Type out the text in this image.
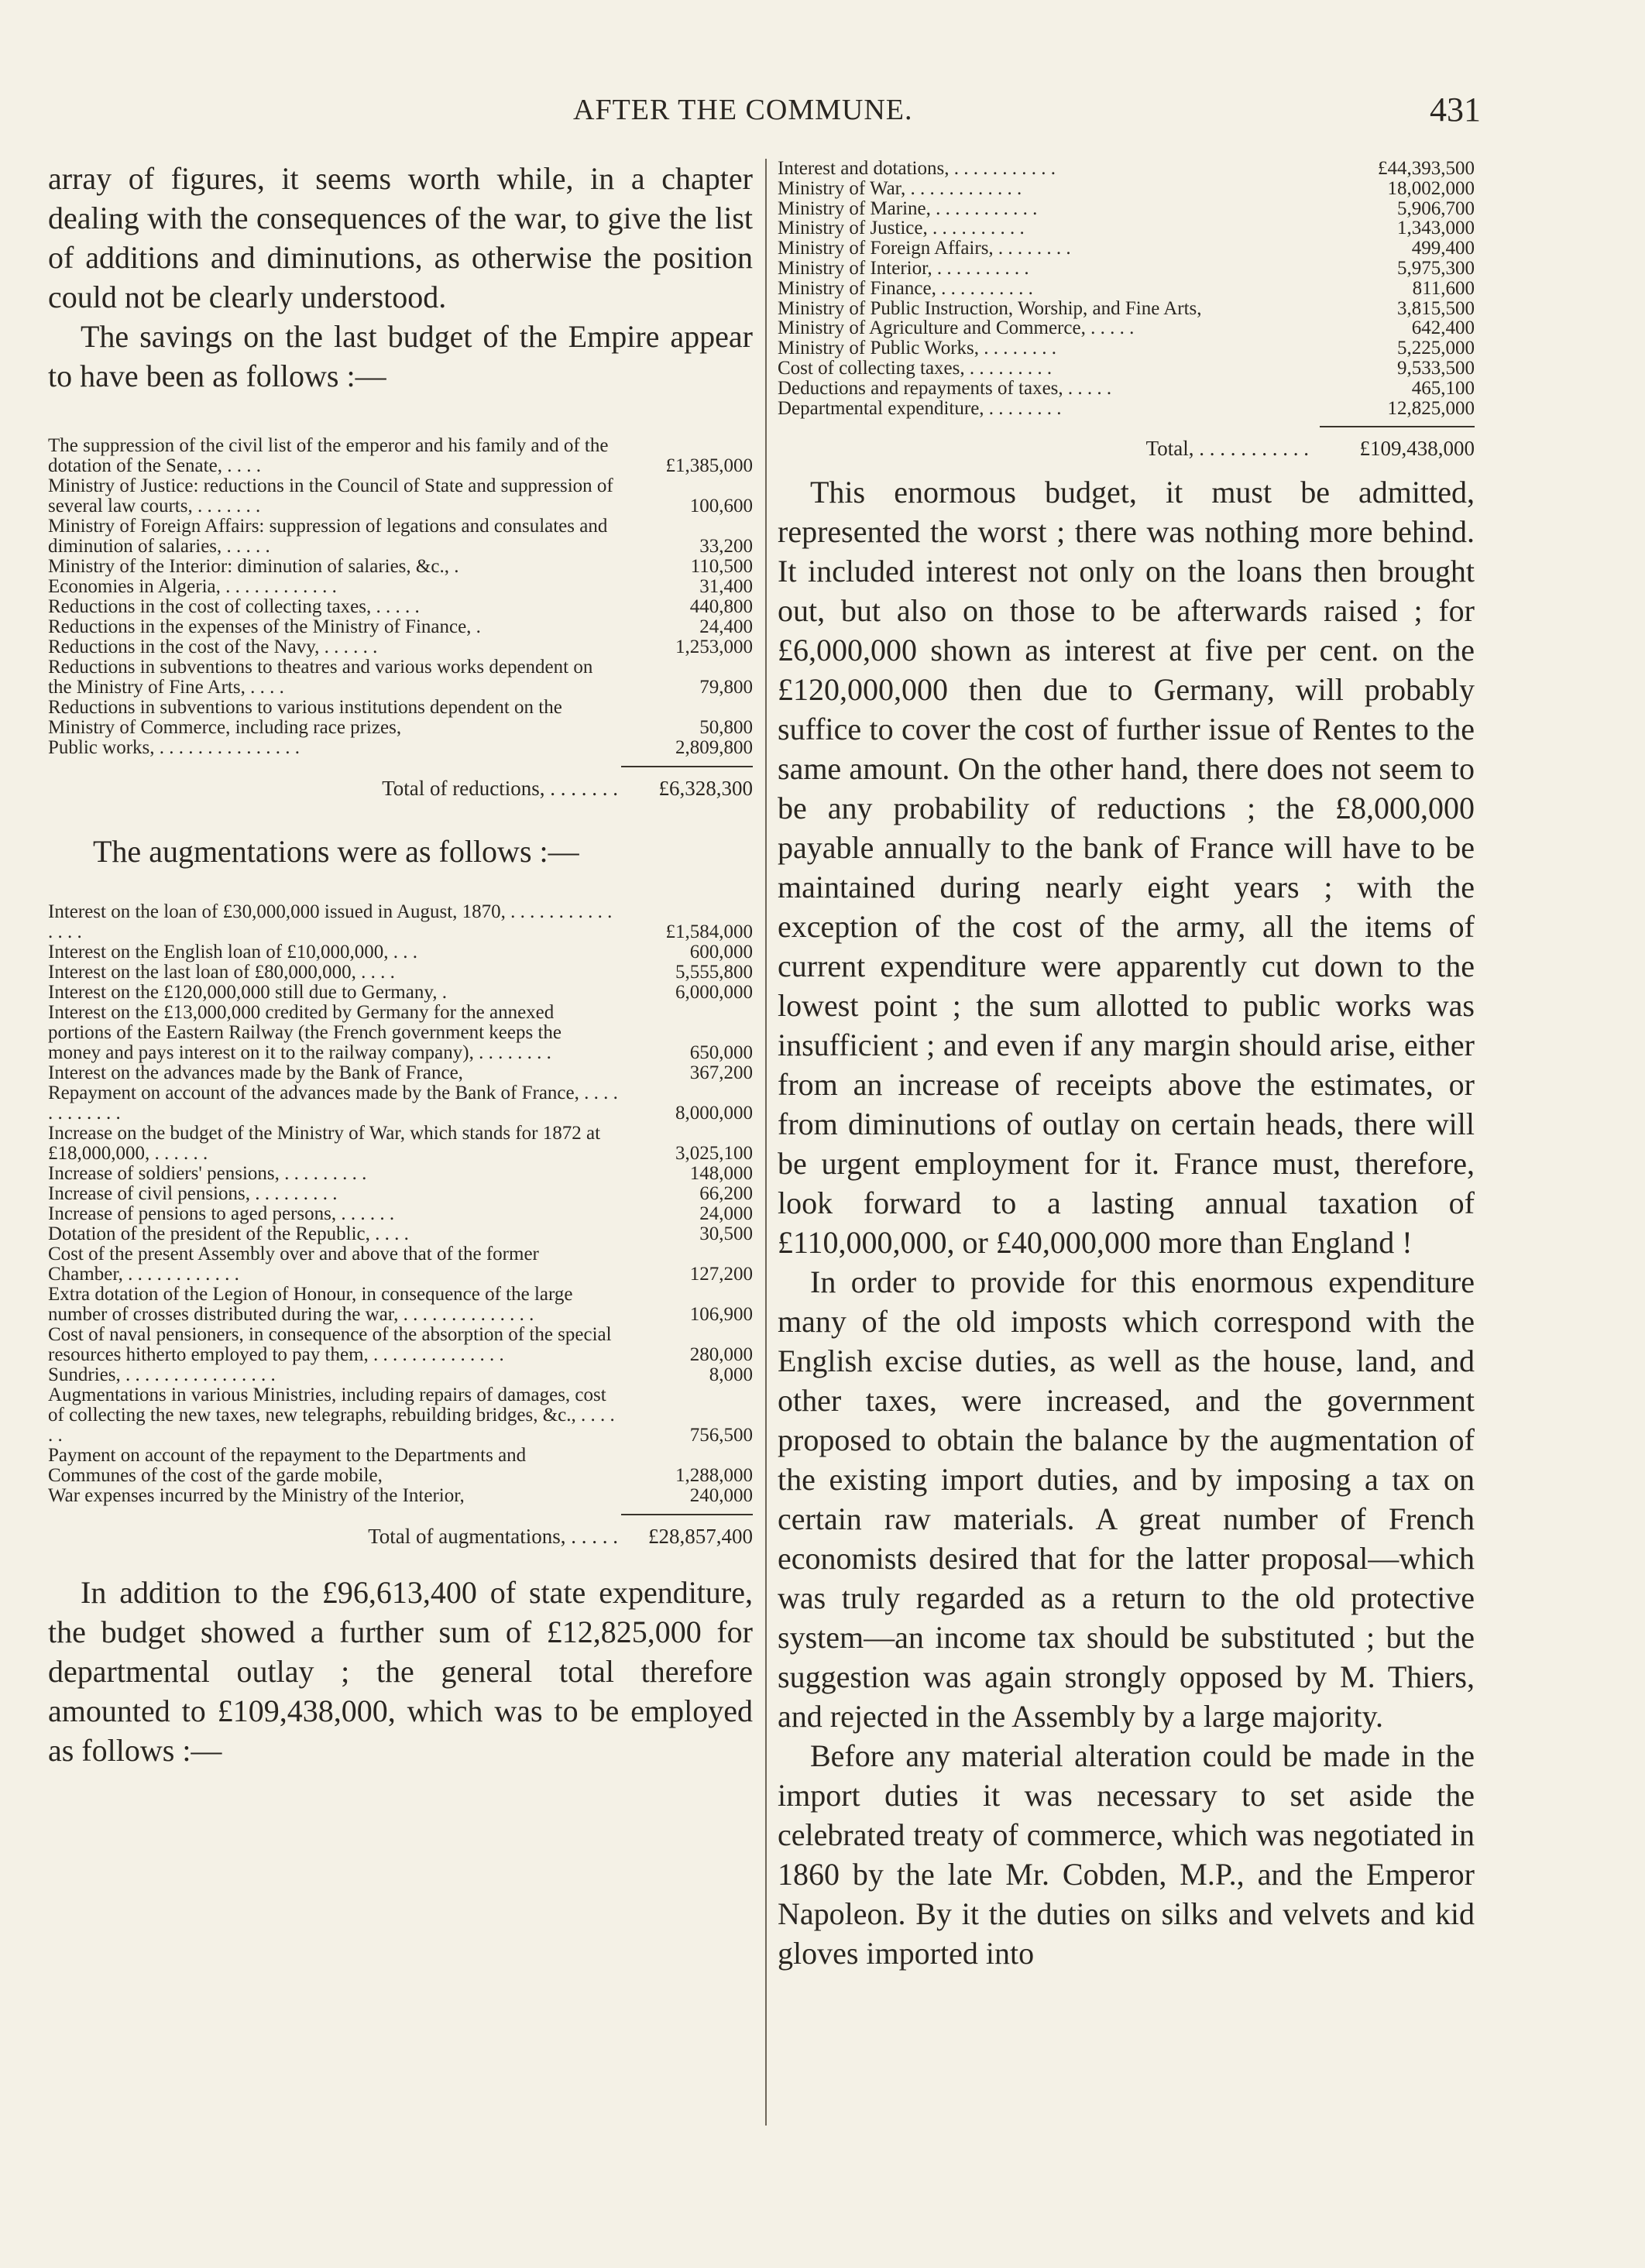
AFTER THE COMMUNE.	431

array of figures, it seems worth while, in a chapter dealing with the consequences of the war, to give the list of additions and diminutions, as otherwise the position could not be clearly understood.

The savings on the last budget of the Empire appear to have been as follows :—

The suppression of the civil list of the emperor and his family and of the dotation of the Senate, . . . .	£1,385,000
Ministry of Justice: reductions in the Council of State and suppression of several law courts, . . . . . . .	100,600
Ministry of Foreign Affairs: suppression of legations and consulates and diminution of salaries, . . . . .	33,200
Ministry of the Interior: diminution of salaries, &c., .	110,500
Economies in Algeria, . . . . . . . . . . . .	31,400
Reductions in the cost of collecting taxes, . . . . .	440,800
Reductions in the expenses of the Ministry of Finance, .	24,400
Reductions in the cost of the Navy, . . . . . .	1,253,000
Reductions in subventions to theatres and various works dependent on the Ministry of Fine Arts, . . . .	79,800
Reductions in subventions to various institutions dependent on the Ministry of Commerce, including race prizes,	50,800
Public works, . . . . . . . . . . . . . . .	2,809,800
Total of reductions, . . . . . . .	£6,328,300
The augmentations were as follows :—
Interest on the loan of £30,000,000 issued in August, 1870, . . . . . . . . . . . . . . .	£1,584,000
Interest on the English loan of £10,000,000, . . .	600,000
Interest on the last loan of £80,000,000, . . . .	5,555,800
Interest on the £120,000,000 still due to Germany, .	6,000,000
Interest on the £13,000,000 credited by Germany for the annexed portions of the Eastern Railway (the French government keeps the money and pays interest on it to the railway company), . . . . . . . .	650,000
Interest on the advances made by the Bank of France,	367,200
Repayment on account of the advances made by the Bank of France, . . . . . . . . . . . .	8,000,000
Increase on the budget of the Ministry of War, which stands for 1872 at £18,000,000, . . . . . .	3,025,100
Increase of soldiers' pensions, . . . . . . . . .	148,000
Increase of civil pensions, . . . . . . . . .	66,200
Increase of pensions to aged persons, . . . . . .	24,000
Dotation of the president of the Republic, . . . .	30,500
Cost of the present Assembly over and above that of the former Chamber, . . . . . . . . . . . .	127,200
Extra dotation of the Legion of Honour, in consequence of the large number of crosses distributed during the war, . . . . . . . . . . . . . .	106,900
Cost of naval pensioners, in consequence of the absorption of the special resources hitherto employed to pay them, . . . . . . . . . . . . . .	280,000
Sundries, . . . . . . . . . . . . . . . .	8,000
Augmentations in various Ministries, including repairs of damages, cost of collecting the new taxes, new telegraphs, rebuilding bridges, &c., . . . . . .	756,500
Payment on account of the repayment to the Departments and Communes of the cost of the garde mobile,	1,288,000
War expenses incurred by the Ministry of the Interior,	240,000
Total of augmentations, . . . . .	£28,857,400

In addition to the £96,613,400 of state expenditure, the budget showed a further sum of £12,825,000 for departmental outlay ; the general total therefore amounted to £109,438,000, which was to be employed as follows :—

Interest and dotations, . . . . . . . . . . .	£44,393,500
Ministry of War, . . . . . . . . . . . .	18,002,000
Ministry of Marine, . . . . . . . . . . .	5,906,700
Ministry of Justice, . . . . . . . . . .	1,343,000
Ministry of Foreign Affairs, . . . . . . . .	499,400
Ministry of Interior, . . . . . . . . . .	5,975,300
Ministry of Finance, . . . . . . . . . .	811,600
Ministry of Public Instruction, Worship, and Fine Arts,	3,815,500
Ministry of Agriculture and Commerce, . . . . .	642,400
Ministry of Public Works, . . . . . . . .	5,225,000
Cost of collecting taxes, . . . . . . . . .	9,533,500
Deductions and repayments of taxes, . . . . .	465,100
Departmental expenditure, . . . . . . . .	12,825,000
Total, . . . . . . . . . . .	£109,438,000

This enormous budget, it must be admitted, represented the worst ; there was nothing more behind. It included interest not only on the loans then brought out, but also on those to be afterwards raised ; for £6,000,000 shown as interest at five per cent. on the £120,000,000 then due to Germany, will probably suffice to cover the cost of further issue of Rentes to the same amount. On the other hand, there does not seem to be any probability of reductions ; the £8,000,000 payable annually to the bank of France will have to be maintained during nearly eight years ; with the exception of the cost of the army, all the items of current expenditure were apparently cut down to the lowest point ; the sum allotted to public works was insufficient ; and even if any margin should arise, either from an increase of receipts above the estimates, or from diminutions of outlay on certain heads, there will be urgent employment for it. France must, therefore, look forward to a lasting annual taxation of £110,000,000, or £40,000,000 more than England !

In order to provide for this enormous expenditure many of the old imposts which correspond with the English excise duties, as well as the house, land, and other taxes, were increased, and the government proposed to obtain the balance by the augmentation of the existing import duties, and by imposing a tax on certain raw materials. A great number of French economists desired that for the latter proposal—which was truly regarded as a return to the old protective system—an income tax should be substituted ; but the suggestion was again strongly opposed by M. Thiers, and rejected in the Assembly by a large majority.

Before any material alteration could be made in the import duties it was necessary to set aside the celebrated treaty of commerce, which was negotiated in 1860 by the late Mr. Cobden, M.P., and the Emperor Napoleon. By it the duties on silks and velvets and kid gloves imported into
